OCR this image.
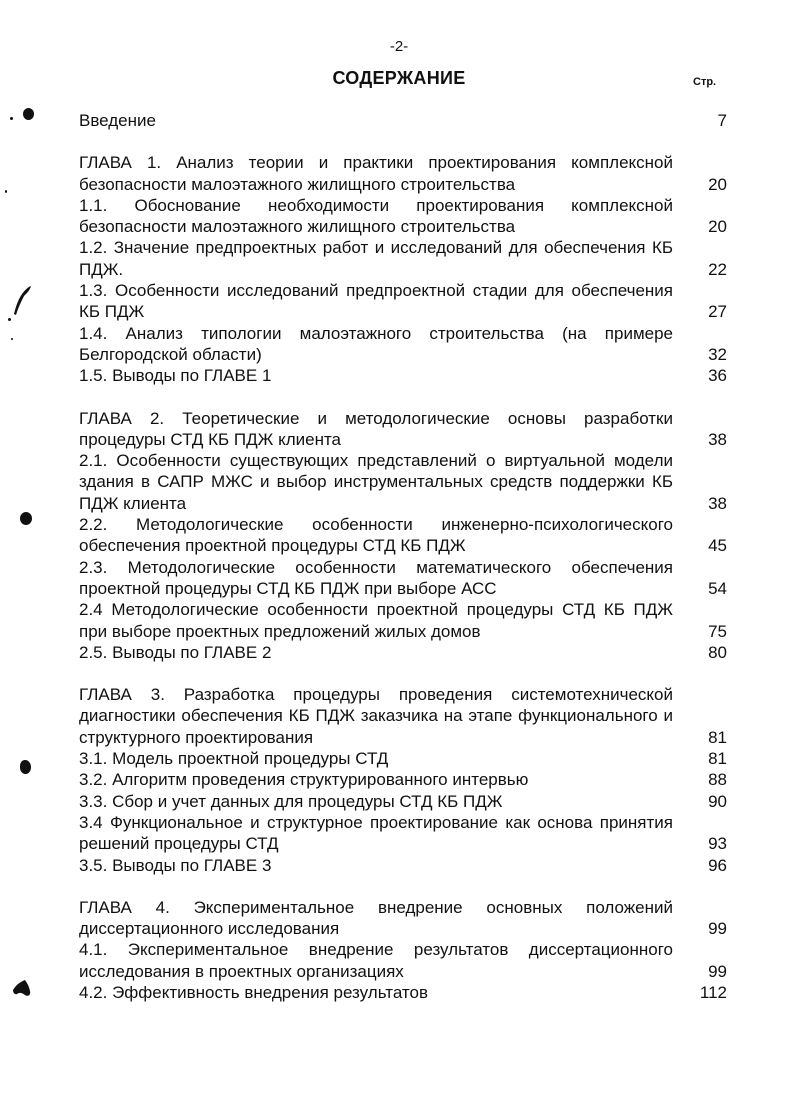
-2-
СОДЕРЖАНИЕ	Стр.
Введение	7
ГЛАВА 1. Анализ теории и практики проектирования комплексной безопасности малоэтажного жилищного строительства	20
1.1. Обоснование необходимости проектирования комплексной безопасности малоэтажного жилищного строительства	20
1.2. Значение предпроектных работ и исследований для обеспечения КБ ПДЖ.	22
1.3. Особенности исследований предпроектной стадии для обеспечения КБ ПДЖ	27
1.4. Анализ типологии малоэтажного строительства (на примере Белгородской области)	32
1.5. Выводы по ГЛАВЕ 1	36
ГЛАВА 2. Теоретические и методологические основы разработки процедуры СТД КБ ПДЖ клиента	38
2.1. Особенности существующих представлений о виртуальной модели здания в САПР МЖС и выбор инструментальных средств поддержки КБ ПДЖ клиента	38
2.2. Методологические особенности инженерно-психологического обеспечения проектной процедуры СТД КБ ПДЖ	45
2.3. Методологические особенности математического обеспечения проектной процедуры СТД КБ ПДЖ при выборе АСС	54
2.4 Методологические особенности проектной процедуры СТД КБ ПДЖ при выборе проектных предложений жилых домов	75
2.5. Выводы по ГЛАВЕ 2	80
ГЛАВА 3. Разработка процедуры проведения системотехнической диагностики обеспечения КБ ПДЖ заказчика на этапе функционального и структурного проектирования	81
3.1. Модель проектной процедуры СТД	81
3.2. Алгоритм проведения структурированного интервью	88
3.3. Сбор и учет данных для процедуры СТД КБ ПДЖ	90
3.4 Функциональное и структурное проектирование как основа принятия решений процедуры СТД	93
3.5. Выводы по ГЛАВЕ 3	96
ГЛАВА 4. Экспериментальное внедрение основных положений диссертационного исследования	99
4.1. Экспериментальное внедрение результатов диссертационного исследования в проектных организациях	99
4.2. Эффективность внедрения результатов	112
